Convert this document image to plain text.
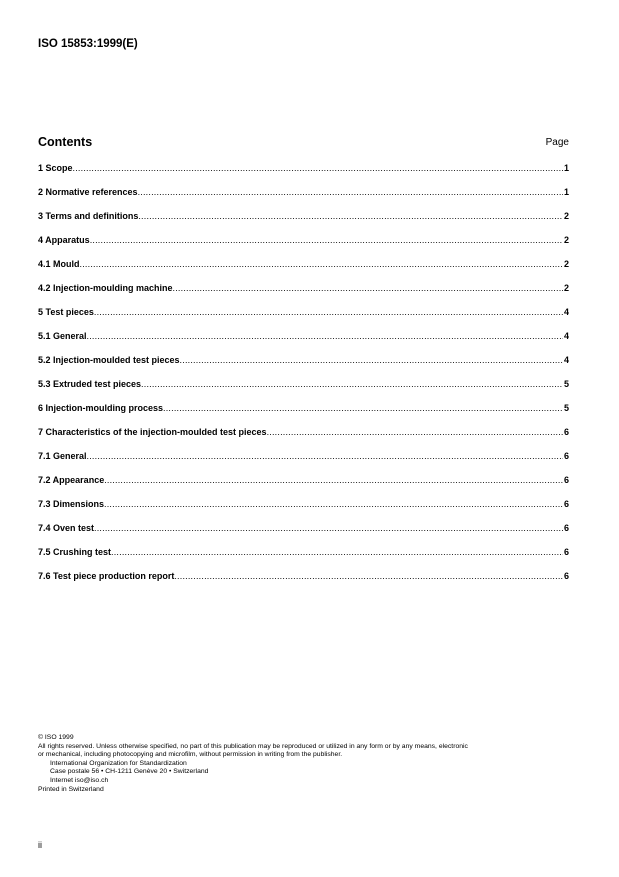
ISO 15853:1999(E)
Contents	Page
1 Scope .....	1
2 Normative references .....	1
3 Terms and definitions .....	2
4 Apparatus .....	2
4.1 Mould .....	2
4.2 Injection-moulding machine .....	2
5 Test pieces .....	4
5.1 General .....	4
5.2 Injection-moulded test pieces .....	4
5.3 Extruded test pieces .....	5
6 Injection-moulding process .....	5
7 Characteristics of the injection-moulded test pieces .....	6
7.1 General .....	6
7.2 Appearance .....	6
7.3 Dimensions .....	6
7.4 Oven test .....	6
7.5 Crushing test .....	6
7.6 Test piece production report .....	6
© ISO 1999
All rights reserved. Unless otherwise specified, no part of this publication may be reproduced or utilized in any form or by any means, electronic
or mechanical, including photocopying and microfilm, without permission in writing from the publisher.
International Organization for Standardization
Case postale 56 • CH-1211 Genève 20 • Switzerland
Internet iso@iso.ch
Printed in Switzerland
ii
